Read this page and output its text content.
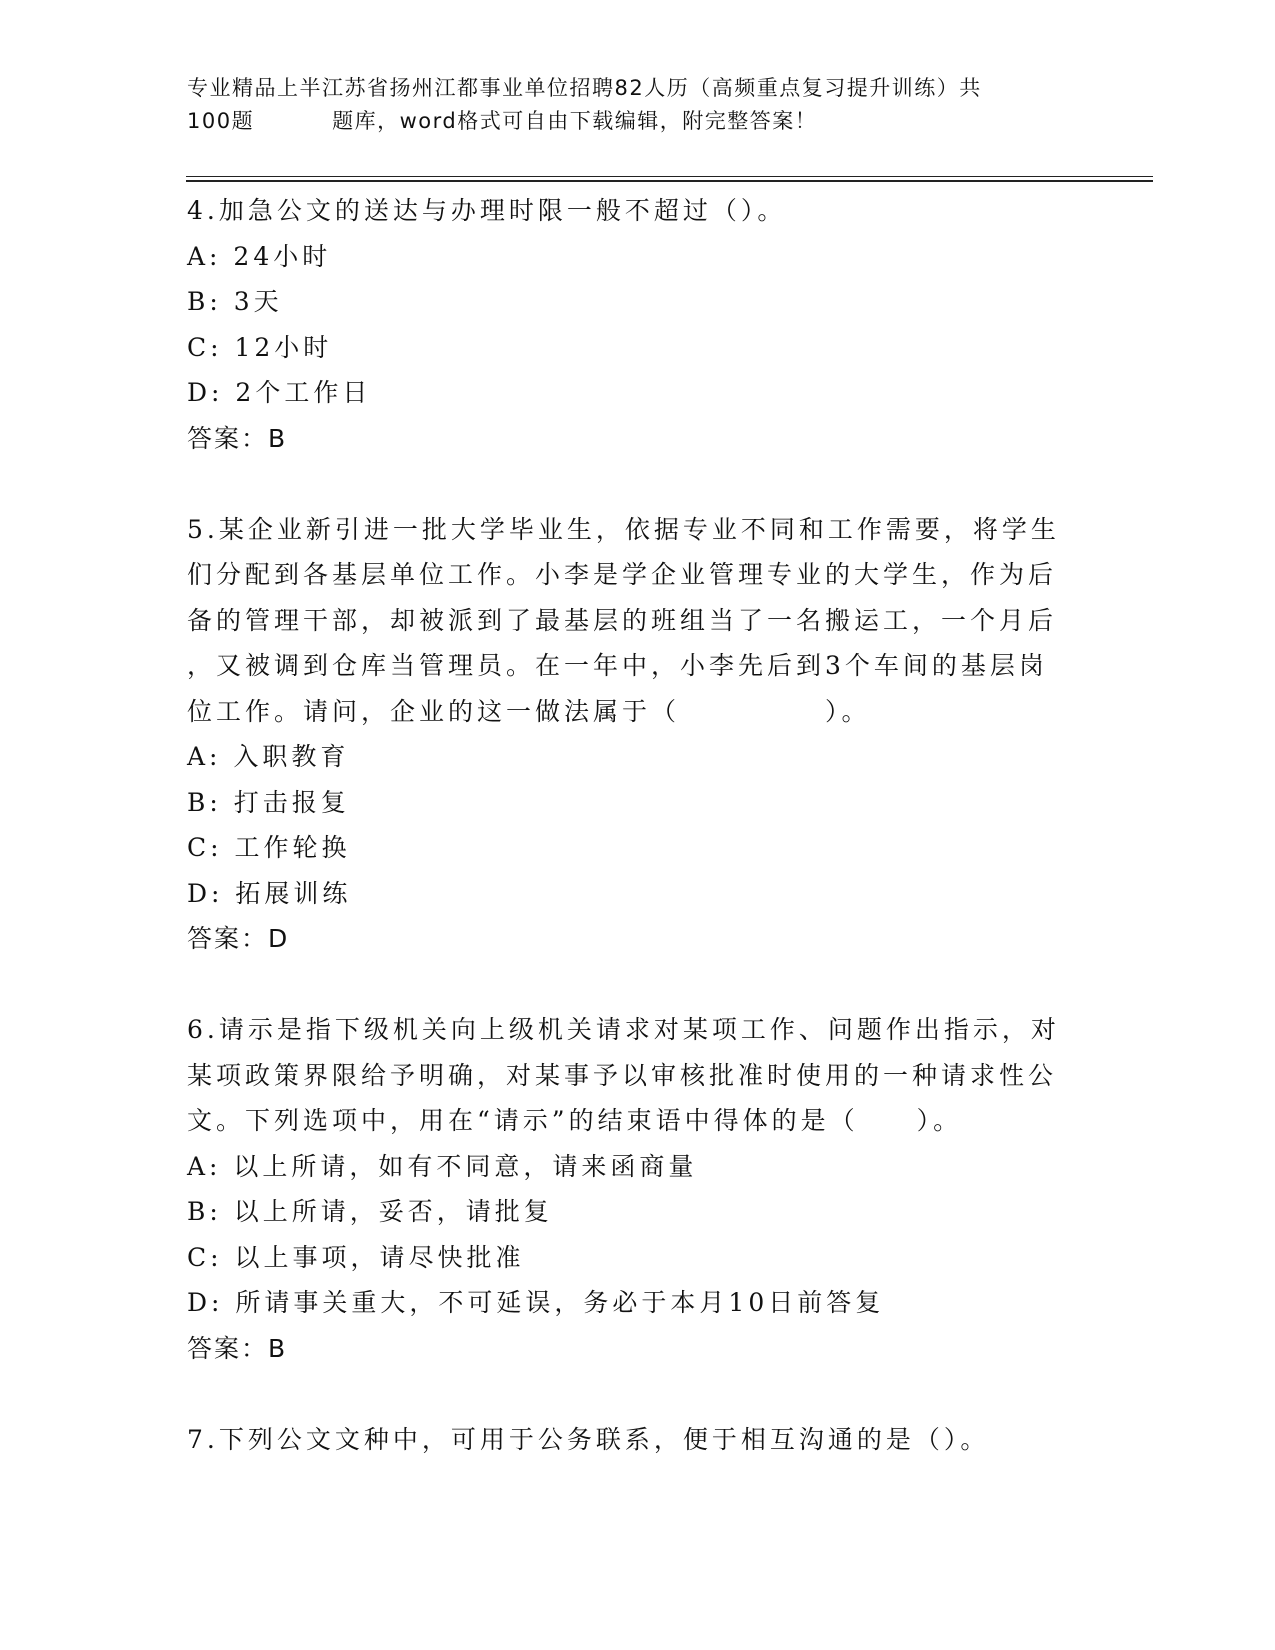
专业精品上半江苏省扬州江都事业单位招聘82人历（高频重点复习提升训练）共
100题	题库，word格式可自由下载编辑，附完整答案！

4.加急公文的送达与办理时限一般不超过（）。

A: 24小时

B: 3天

C: 12小时

D: 2个工作日

答案：B

5.某企业新引进一批大学毕业生，依据专业不同和工作需要，将学生

们分配到各基层单位工作。小李是学企业管理专业的大学生，作为后

备的管理干部，却被派到了最基层的班组当了一名搬运工，一个月后

，又被调到仓库当管理员。在一年中，小李先后到3个车间的基层岗

位工作。请问，企业的这一做法属于（　　　　　）。

A: 入职教育

B: 打击报复

C: 工作轮换

D: 拓展训练

答案：D

6.请示是指下级机关向上级机关请求对某项工作、问题作出指示，对

某项政策界限给予明确，对某事予以审核批准时使用的一种请求性公

文。下列选项中，用在“请示”的结束语中得体的是（　　）。

A: 以上所请，如有不同意，请来函商量

B: 以上所请，妥否，请批复

C: 以上事项，请尽快批准

D: 所请事关重大，不可延误，务必于本月10日前答复

答案：B

7.下列公文文种中，可用于公务联系，便于相互沟通的是（）。
